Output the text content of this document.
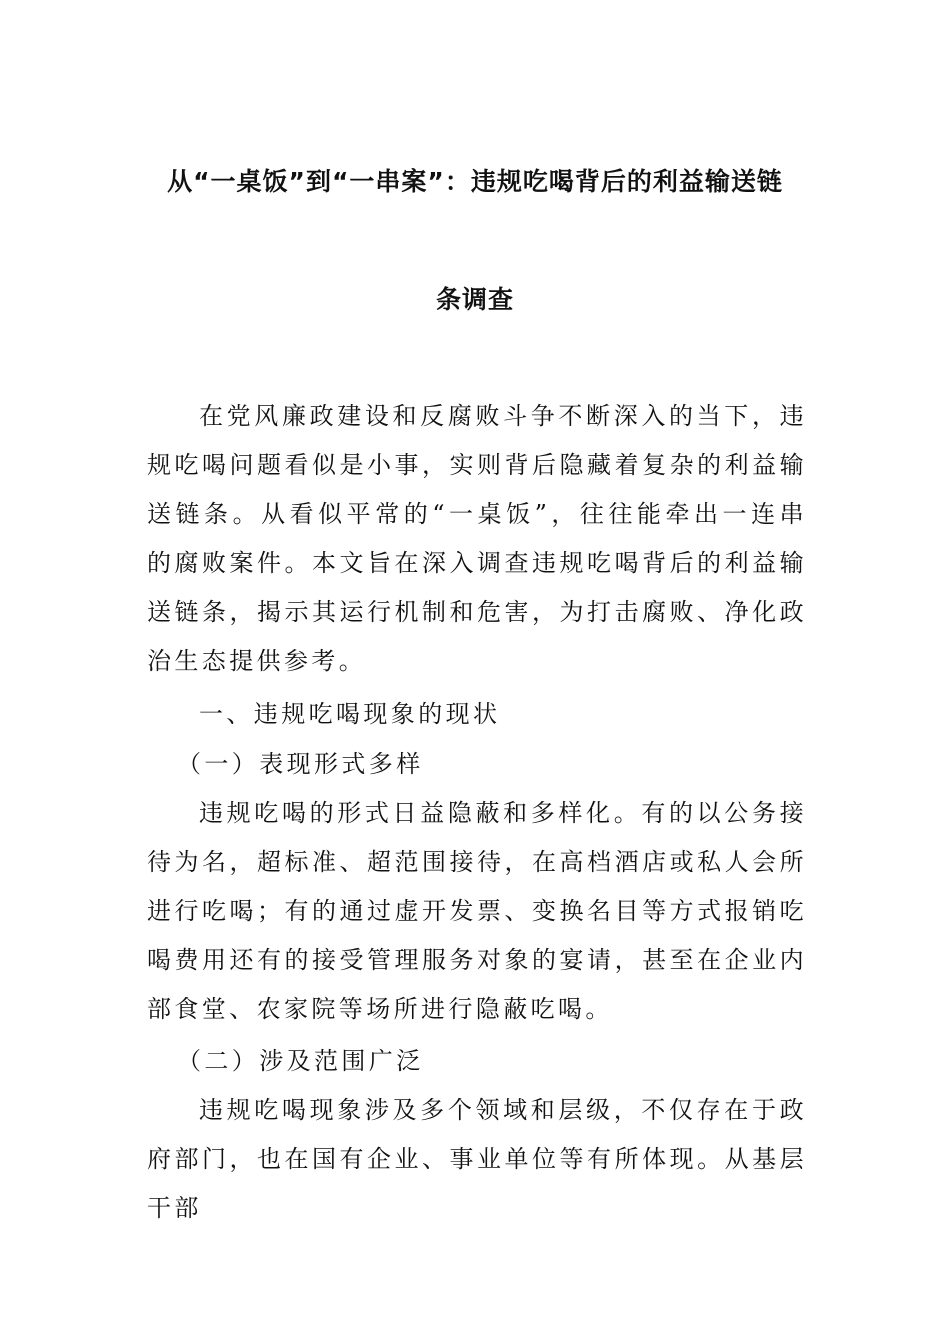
从“一桌饭”到“一串案”：违规吃喝背后的利益输送链
条调查

在党风廉政建设和反腐败斗争不断深入的当下，违规吃喝问题看似是小事，实则背后隐藏着复杂的利益输送链条。从看似平常的“一桌饭”，往往能牵出一连串的腐败案件。本文旨在深入调查违规吃喝背后的利益输送链条，揭示其运行机制和危害，为打击腐败、净化政治生态提供参考。

一、违规吃喝现象的现状

（一）表现形式多样

违规吃喝的形式日益隐蔽和多样化。有的以公务接待为名，超标准、超范围接待，在高档酒店或私人会所进行吃喝；有的通过虚开发票、变换名目等方式报销吃喝费用还有的接受管理服务对象的宴请，甚至在企业内部食堂、农家院等场所进行隐蔽吃喝。

（二）涉及范围广泛

违规吃喝现象涉及多个领域和层级，不仅存在于政府部门，也在国有企业、事业单位等有所体现。从基层干部
